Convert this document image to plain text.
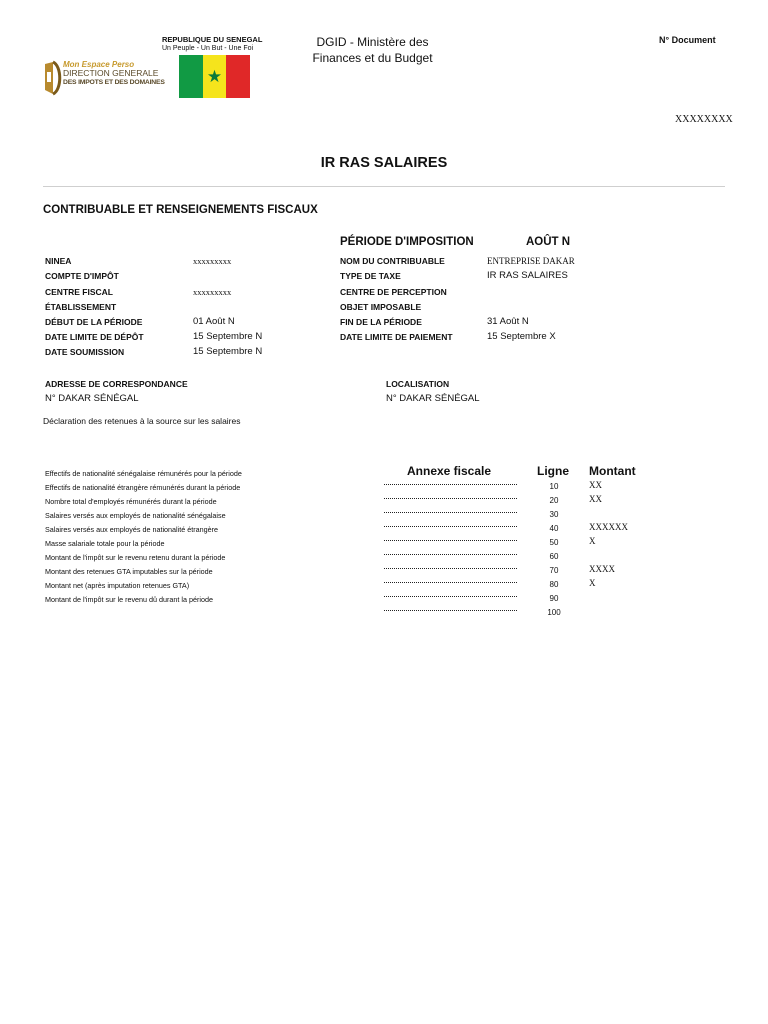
Mon Espace Perso
DIRECTION GENERALE
DES IMPOTS ET DES DOMAINES
REPUBLIQUE DU SENEGAL
Un Peuple - Un But - Une Foi
★
DGID - Ministère des Finances et du Budget
N° Document
XXXXXXXX
IR RAS SALAIRES
CONTRIBUABLE ET RENSEIGNEMENTS FISCAUX
PÉRIODE D'IMPOSITION	AOÛT N
NINEA	xxxxxxxxx
COMPTE D'IMPÔT
CENTRE FISCAL	xxxxxxxxx
ÉTABLISSEMENT
DÉBUT DE LA PÉRIODE	01 Août N
DATE LIMITE DE DÉPÔT	15 Septembre N
DATE SOUMISSION	15 Septembre N
NOM DU CONTRIBUABLE	ENTREPRISE DAKAR
TYPE DE TAXE	IR RAS SALAIRES
CENTRE DE PERCEPTION
OBJET IMPOSABLE
FIN DE LA PÉRIODE	31 Août N
DATE LIMITE DE PAIEMENT	15 Septembre X
ADRESSE DE CORRESPONDANCE
N° DAKAR SÉNÉGAL
LOCALISATION
N° DAKAR SÉNÉGAL
Déclaration des retenues à la source sur les salaires
Annexe fiscale	Ligne Montant
Effectifs de nationalité sénégalaise rémunérés pour la période
10	XX
Effectifs de nationalité étrangère rémunérés durant la période
20	XX
Nombre total d'employés rémunérés durant la période
30
Salaires versés aux employés de nationalité sénégalaise
40	XXXXXX
Salaires versés aux employés de nationalité étrangère
50	X
Masse salariale totale pour la période
60
Montant de l'impôt sur le revenu retenu durant la période
70	XXXX
Montant des retenues GTA imputables sur la période
80	X
Montant net (après imputation retenues GTA)
90
Montant de l'impôt sur le revenu dû durant la période
100
